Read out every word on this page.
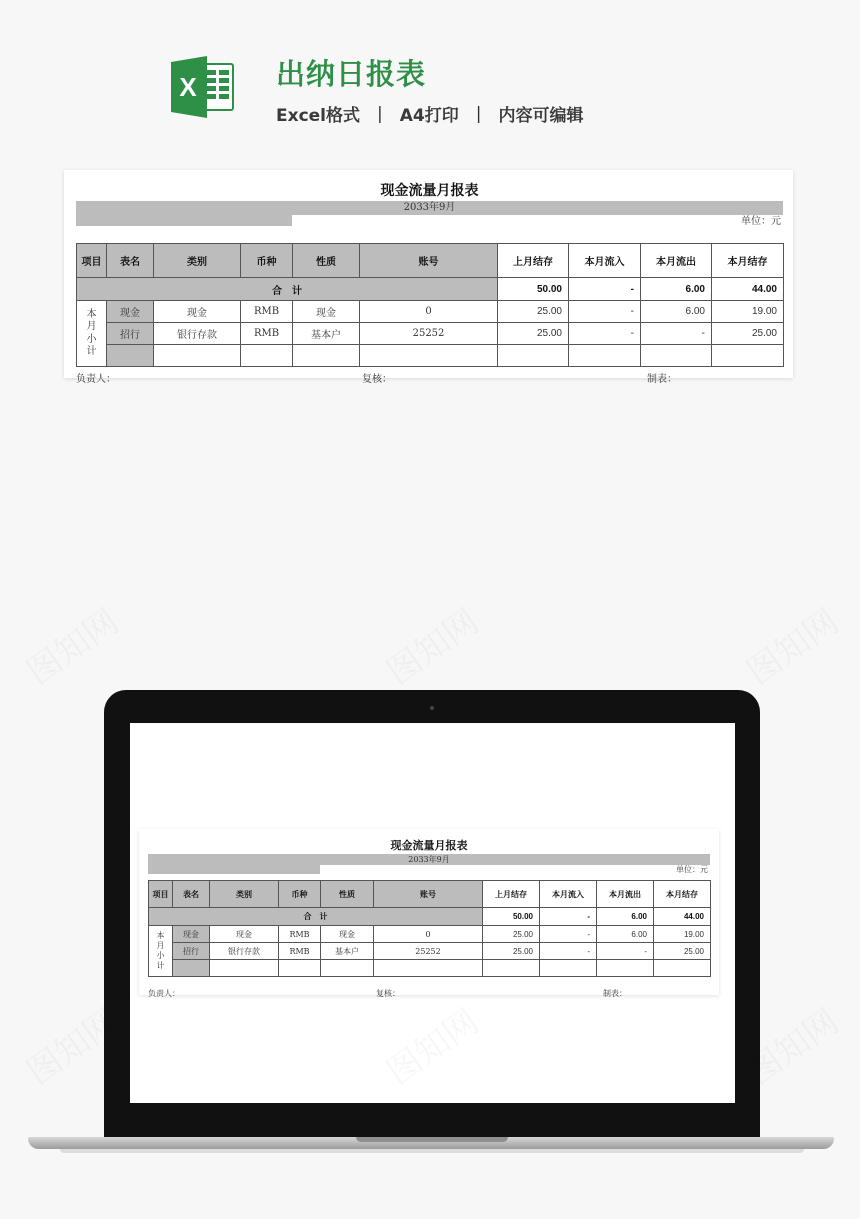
X	出纳日报表
Excel格式 | A4打印 | 内容可编辑
现金流量月报表
2033年9月
单位：元
项目	表名	类别	币种	性质	账号	上月结存	本月流入	本月流出	本月结存
合　计						50.00	-	6.00	44.00
本月小计	现金	现金	RMB	现金	0	25.00	-	6.00	19.00
	招行	银行存款	RMB	基本户	25252	25.00	-	-	25.00

负责人：	复核：	制表：
现金流量月报表
2033年9月
单位：元
项目	表名	类别	币种	性质	账号	上月结存	本月流入	本月流出	本月结存
合　计						50.00	-	6.00	44.00
本月小计	现金	现金	RMB	现金	0	25.00	-	6.00	19.00
	招行	银行存款	RMB	基本户	25252	25.00	-	-	25.00

负责人：	复核：	制表：
